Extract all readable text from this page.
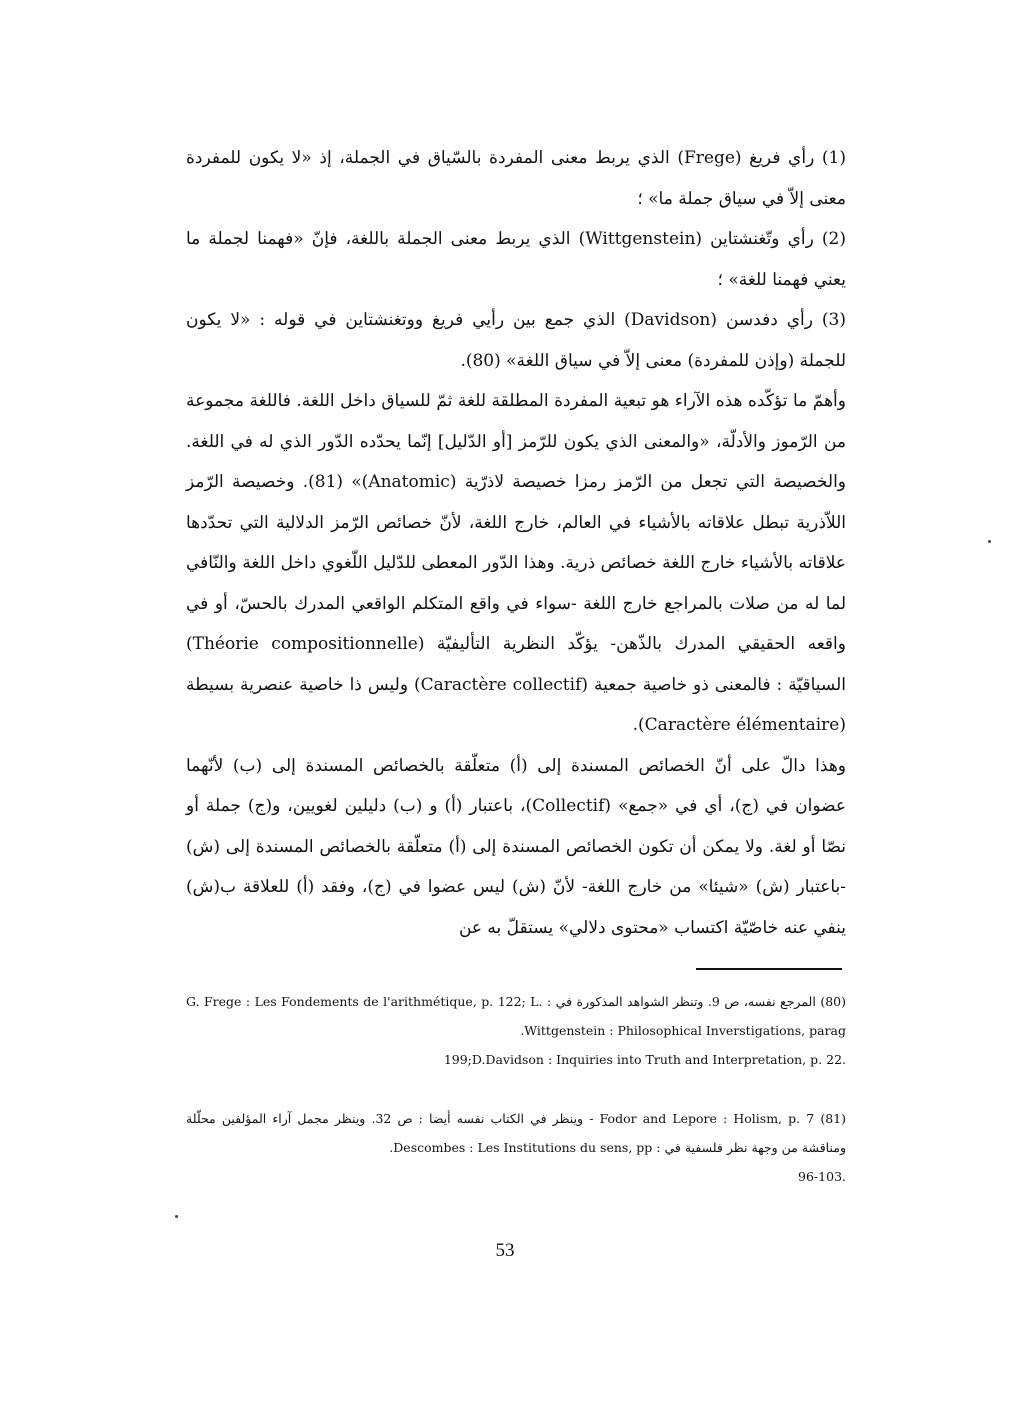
(1) رأي فريغ (Frege) الذي يربط معنى المفردة بالسّياق في الجملة، إذ «لا يكون للمفردة معنى إلاّ في سياق جملة ما» ؛

(2) رأي وتّغنشتاين (Wittgenstein) الذي يربط معنى الجملة باللغة، فإنّ «فهمنا لجملة ما يعني فهمنا للغة» ؛

(3) رأي دفدسن (Davidson) الذي جمع بين رأيي فريغ ووتغنشتاين في قوله : «لا يكون للجملة (وإذن للمفردة) معنى إلاّ في سياق اللغة» (80).

وأهمّ ما تؤكّده هذه الآراء هو تبعية المفردة المطلقة للغة ثمّ للسياق داخل اللغة. فاللغة مجموعة من الرّموز والأدلّة، «والمعنى الذي يكون للرّمز [أو الدّليل] إنّما يحدّده الدّور الذي له في اللغة. والخصيصة التي تجعل من الرّمز رمزا خصيصة لاذرّية (Anatomic)» (81). وخصيصة الرّمز اللاّذرية تبطل علاقاته بالأشياء في العالم، خارج اللغة، لأنّ خصائص الرّمز الدلالية التي تحدّدها علاقاته بالأشياء خارج اللغة خصائص ذرية. وهذا الدّور المعطى للدّليل اللّغوي داخل اللغة والنّافي لما له من صلات بالمراجع خارج اللغة -سواء في واقع المتكلم الواقعي المدرك بالحسّ، أو في واقعه الحقيقي المدرك بالذّهن- يؤكّد النظرية التأليفيّة (Théorie compositionnelle) السياقيّة : فالمعنى ذو خاصية جمعية (Caractère collectif) وليس ذا خاصية عنصرية بسيطة (Caractère élémentaire).

وهذا دالّ على أنّ الخصائص المسندة إلى (أ) متعلّقة بالخصائص المسندة إلى (ب) لأنّهما عضوان في (ج)، أي في «جمع» (Collectif)، باعتبار (أ) و (ب) دليلين لغويين، و(ج) جملة أو نصّا أو لغة. ولا يمكن أن تكون الخصائص المسندة إلى (أ) متعلّقة بالخصائص المسندة إلى (ش) -باعتبار (ش) «شيئا» من خارج اللغة- لأنّ (ش) ليس عضوا في (ج)، وفقد (أ) للعلاقة ب(ش) ينفي عنه خاصّيّة اكتساب «محتوى دلالي» يستقلّ به عن

(80) المرجع نفسه، ص 9. وتنظر الشواهد المذكورة في : G. Frege : Les Fondements de l'arithmétique, p. 122; L. Wittgenstein : Philosophical Inverstigations, parag.
199;D.Davidson : Inquiries into Truth and Interpretation, p. 22.
(81) Fodor and Lepore : Holism, p. 7 - وينظر في الكتاب نفسه أيضا : ص 32. وينظر مجمل آراء المؤلفين محلّلة ومناقشة من وجهة نظر فلسفية في : Descombes : Les Institutions du sens, pp.
96-103.
53
